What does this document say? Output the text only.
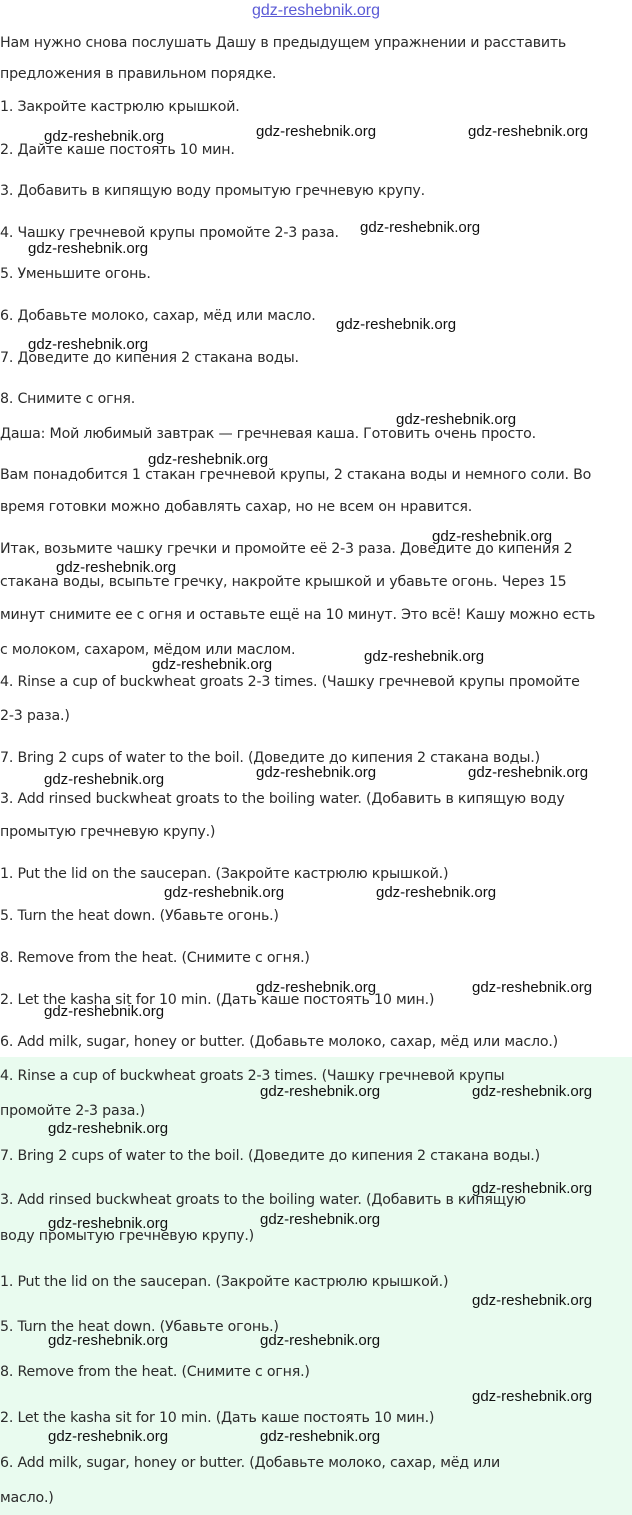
gdz-reshebnik.org
Нам нужно снова послушать Дашу в предыдущем упражнении и расставить
предложения в правильном порядке.
1. Закройте кастрюлю крышкой.
2. Дайте каше постоять 10 мин.
3. Добавить в кипящую воду промытую гречневую крупу.
4. Чашку гречневой крупы промойте 2-3 раза.
5. Уменьшите огонь.
6. Добавьте молоко, сахар, мёд или масло.
7. Доведите до кипения 2 стакана воды.
8. Снимите с огня.
Даша: Мой любимый завтрак — гречневая каша. Готовить очень просто.
Вам понадобится 1 стакан гречневой крупы, 2 стакана воды и немного соли. Во
время готовки можно добавлять сахар, но не всем он нравится.
Итак, возьмите чашку гречки и промойте её 2-3 раза. Доведите до кипения 2
стакана воды, всыпьте гречку, накройте крышкой и убавьте огонь. Через 15
минут снимите ее с огня и оставьте ещё на 10 минут. Это всё! Кашу можно есть
с молоком, сахаром, мёдом или маслом.
4. Rinse a cup of buckwheat groats 2-3 times. (Чашку гречневой крупы промойте
2-3 раза.)
7. Bring 2 cups of water to the boil. (Доведите до кипения 2 стакана воды.)
3. Add rinsed buckwheat groats to the boiling water. (Добавить в кипящую воду
промытую гречневую крупу.)
1. Put the lid on the saucepan. (Закройте кастрюлю крышкой.)
5. Turn the heat down. (Убавьте огонь.)
8. Remove from the heat. (Снимите с огня.)
2. Let the kasha sit for 10 min. (Дать каше постоять 10 мин.)
6. Add milk, sugar, honey or butter. (Добавьте молоко, сахар, мёд или масло.)
4. Rinse a cup of buckwheat groats 2-3 times. (Чашку гречневой крупы
промойте 2-3 раза.)
7. Bring 2 cups of water to the boil. (Доведите до кипения 2 стакана воды.)
3. Add rinsed buckwheat groats to the boiling water. (Добавить в кипящую
воду промытую гречневую крупу.)
1. Put the lid on the saucepan. (Закройте кастрюлю крышкой.)
5. Turn the heat down. (Убавьте огонь.)
8. Remove from the heat. (Снимите с огня.)
2. Let the kasha sit for 10 min. (Дать каше постоять 10 мин.)
6. Add milk, sugar, honey or butter. (Добавьте молоко, сахар, мёд или
масло.)
gdz-reshebnik.org	gdz-reshebnik.org	gdz-reshebnik.org
gdz-reshebnik.org
gdz-reshebnik.org
gdz-reshebnik.org
gdz-reshebnik.org
gdz-reshebnik.org
gdz-reshebnik.org
gdz-reshebnik.org
gdz-reshebnik.org
gdz-reshebnik.org
gdz-reshebnik.org
gdz-reshebnik.org	gdz-reshebnik.org	gdz-reshebnik.org
gdz-reshebnik.org	gdz-reshebnik.org
gdz-reshebnik.org	gdz-reshebnik.org
gdz-reshebnik.org
gdz-reshebnik.org	gdz-reshebnik.org
gdz-reshebnik.org
gdz-reshebnik.org
gdz-reshebnik.org
gdz-reshebnik.org
gdz-reshebnik.org
gdz-reshebnik.org	gdz-reshebnik.org
gdz-reshebnik.org
gdz-reshebnik.org	gdz-reshebnik.org
